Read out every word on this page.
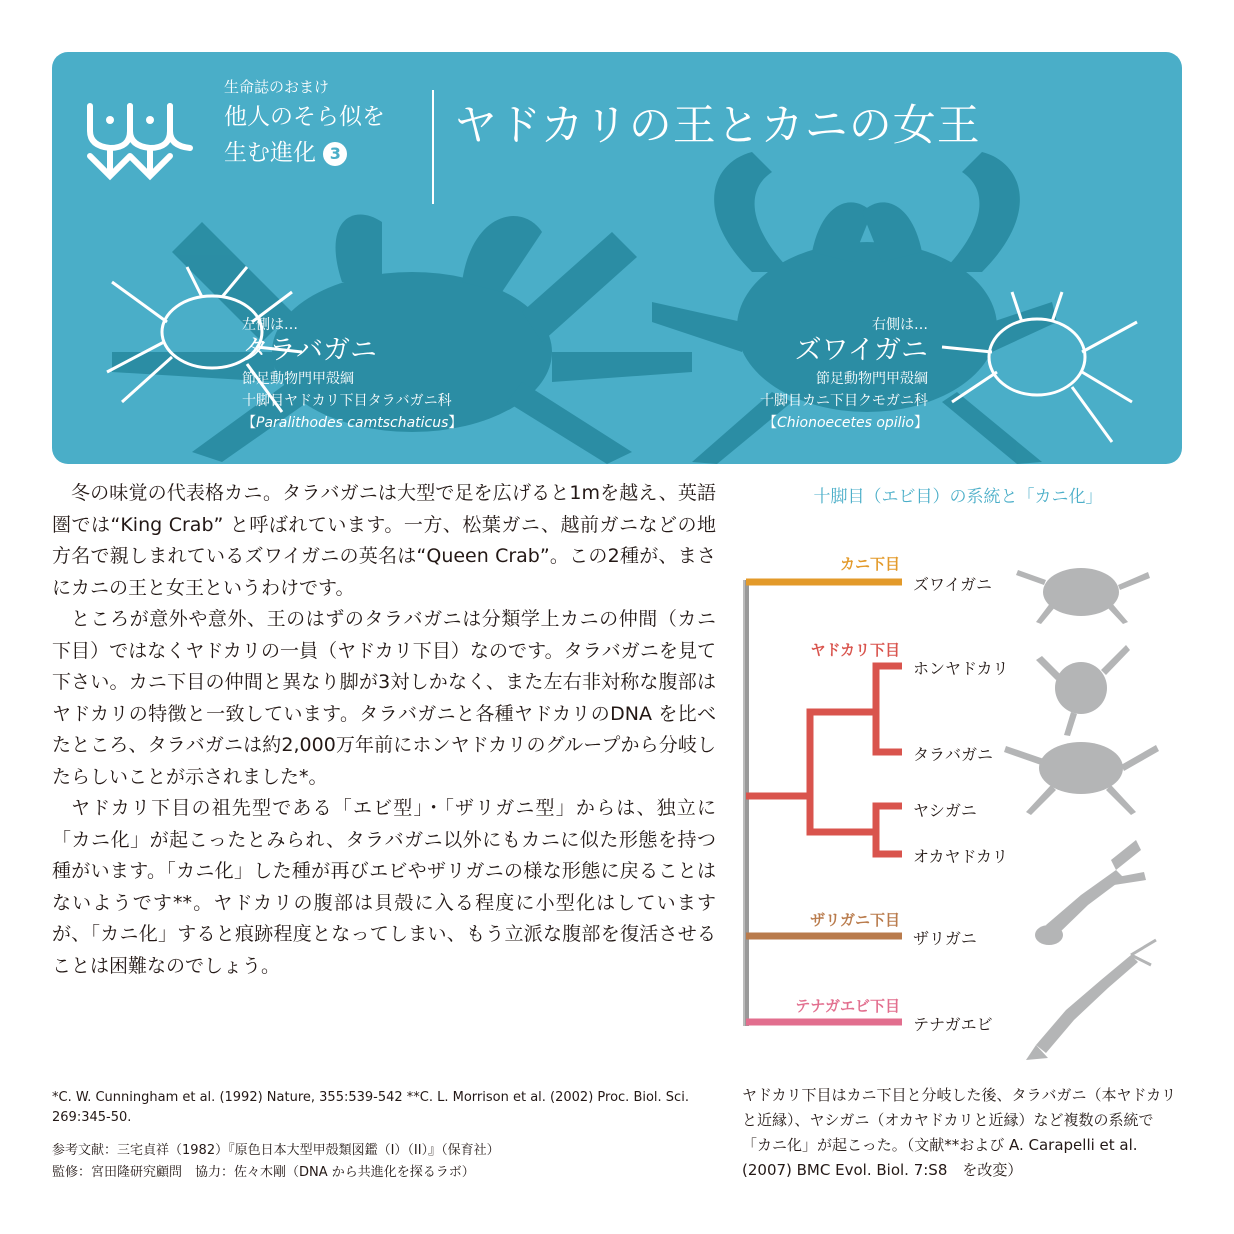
生命誌のおまけ
他人のそら似を
生む進化 3
ヤドカリの王とカニの女王
左側は…
タラバガニ
節足動物門甲殻綱
十脚目ヤドカリ下目タラバガニ科
【Paralithodes camtschaticus】
右側は…
ズワイガニ
節足動物門甲殻綱
十脚目カニ下目クモガニ科
【Chionoecetes opilio】

冬の味覚の代表格カニ。タラバガニは大型で足を広げると1mを越え、英語圏では“King Crab” と呼ばれています。一方、松葉ガニ、越前ガニなどの地方名で親しまれているズワイガニの英名は“Queen Crab”。この2種が、まさにカニの王と女王というわけです。

ところが意外や意外、王のはずのタラバガニは分類学上カニの仲間（カニ下目）ではなくヤドカリの一員（ヤドカリ下目）なのです。タラバガニを見て下さい。カニ下目の仲間と異なり脚が3対しかなく、また左右非対称な腹部はヤドカリの特徴と一致しています。タラバガニと各種ヤドカリのDNA を比べたところ、タラバガニは約2,000万年前にホンヤドカリのグループから分岐したらしいことが示されました*。

ヤドカリ下目の祖先型である「エビ型」・「ザリガニ型」からは、独立に「カニ化」が起こったとみられ、タラバガニ以外にもカニに似た形態を持つ種がいます。「カニ化」した種が再びエビやザリガニの様な形態に戻ることはないようです**。ヤドカリの腹部は貝殻に入る程度に小型化はしていますが、「カニ化」すると痕跡程度となってしまい、もう立派な腹部を復活させることは困難なのでしょう。

*C. W. Cunningham et al. (1992) Nature, 355:539-542 **C. L. Morrison et al. (2002) Proc. Biol. Sci. 269:345-50.
参考文献：三宅貞祥（1982）『原色日本大型甲殻類図鑑（I）（II）』（保育社）
監修：宮田隆研究顧問　協力：佐々木剛（DNA から共進化を探るラボ）
十脚目（エビ目）の系統と「カニ化」
カニ下目
ヤドカリ下目
ザリガニ下目
テナガエビ下目
ズワイガニ
ホンヤドカリ
タラバガニ
ヤシガニ
オカヤドカリ
ザリガニ
テナガエビ
ヤドカリ下目はカニ下目と分岐した後、タラバガニ（本ヤドカリと近縁）、ヤシガニ（オカヤドカリと近縁）など複数の系統で「カニ化」が起こった。（文献**および A. Carapelli et al. (2007) BMC Evol. Biol. 7:S8　を改変）
